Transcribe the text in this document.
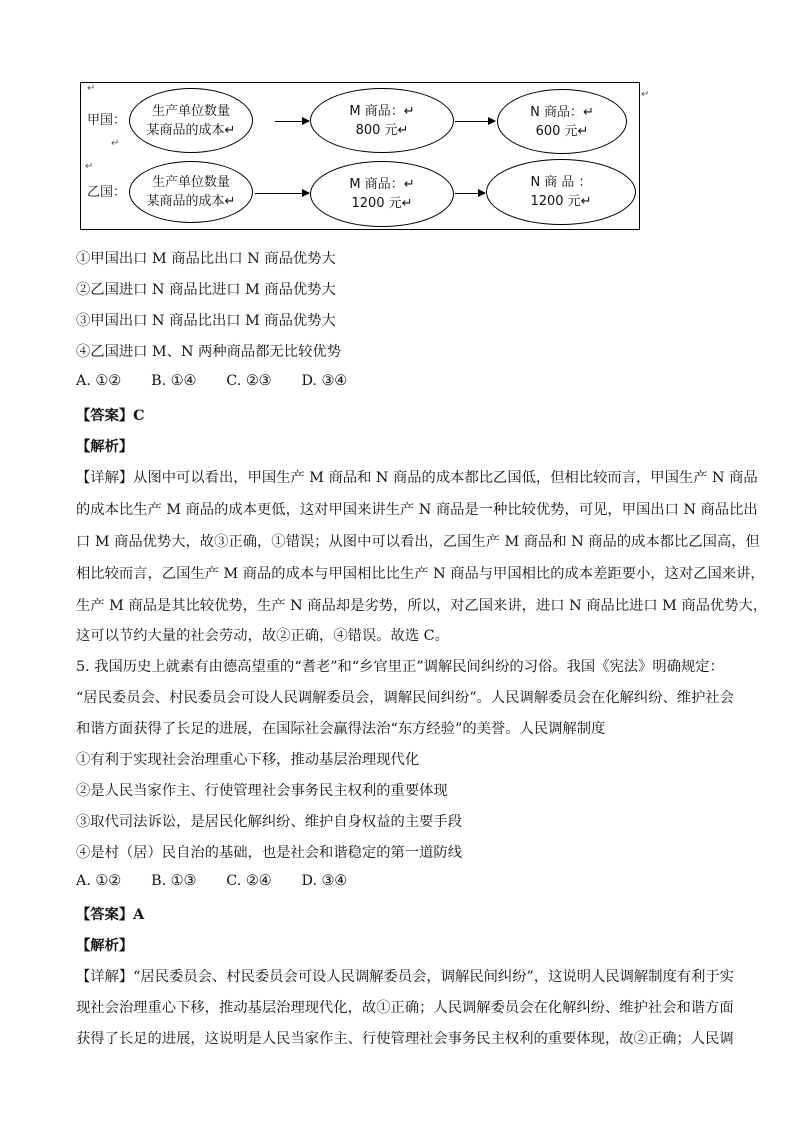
↵
↵
↵
↵
甲国：
生产单位数量
某商品的成本↵
M 商品：↵
800 元↵
N 商品：↵
600 元↵
乙国：
生产单位数量
某商品的成本↵
M 商品：↵
1200 元↵
N 商 品 ：
1200 元↵
①甲国出口 M 商品比出口 N 商品优势大
②乙国进口 N 商品比进口 M 商品优势大
③甲国出口 N 商品比出口 M 商品优势大
④乙国进口 M、N 两种商品都无比较优势
A. ①② B. ①④ C. ②③ D. ③④
【答案】C
【解析】
【详解】从图中可以看出，甲国生产 M 商品和 N 商品的成本都比乙国低，但相比较而言，甲国生产 N 商品
的成本比生产 M 商品的成本更低，这对甲国来讲生产 N 商品是一种比较优势，可见，甲国出口 N 商品比出
口 M 商品优势大，故③正确，①错误；从图中可以看出，乙国生产 M 商品和 N 商品的成本都比乙国高，但
相比较而言，乙国生产 M 商品的成本与甲国相比比生产 N 商品与甲国相比的成本差距要小，这对乙国来讲，
生产 M 商品是其比较优势，生产 N 商品却是劣势，所以，对乙国来讲，进口 N 商品比进口 M 商品优势大，
这可以节约大量的社会劳动，故②正确，④错误。故选 C。
5. 我国历史上就素有由德高望重的“耆老”和“乡官里正”调解民间纠纷的习俗。我国《宪法》明确规定：
“居民委员会、村民委员会可设人民调解委员会，调解民间纠纷”。人民调解委员会在化解纠纷、维护社会
和谐方面获得了长足的进展，在国际社会赢得法治“东方经验”的美誉。人民调解制度
①有利于实现社会治理重心下移，推动基层治理现代化
②是人民当家作主、行使管理社会事务民主权利的重要体现
③取代司法诉讼，是居民化解纠纷、维护自身权益的主要手段
④是村（居）民自治的基础，也是社会和谐稳定的第一道防线
A. ①② B. ①③ C. ②④ D. ③④
【答案】A
【解析】
【详解】“居民委员会、村民委员会可设人民调解委员会，调解民间纠纷”，这说明人民调解制度有利于实
现社会治理重心下移，推动基层治理现代化，故①正确；人民调解委员会在化解纠纷、维护社会和谐方面
获得了长足的进展，这说明是人民当家作主、行使管理社会事务民主权利的重要体现，故②正确；人民调
